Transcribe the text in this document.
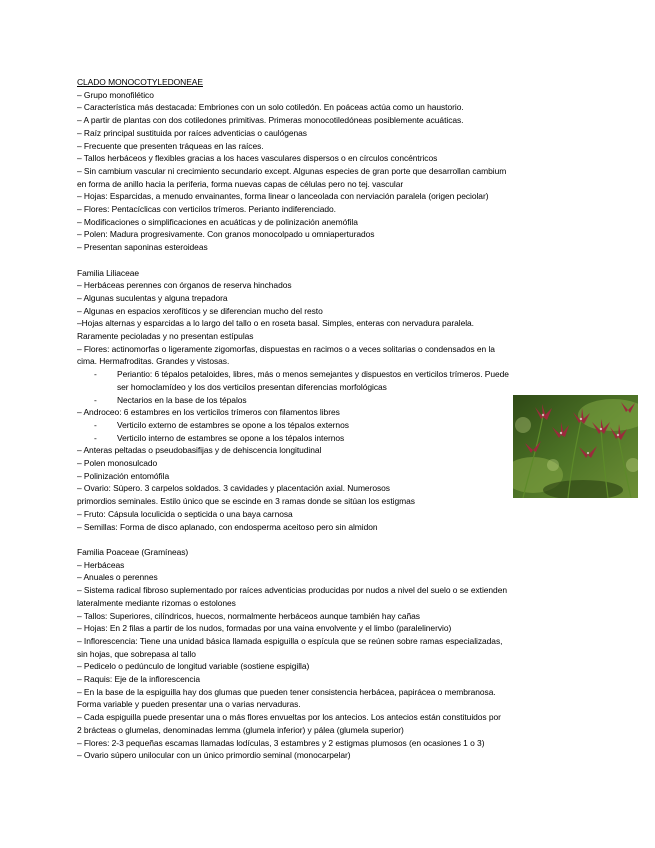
CLADO MONOCOTYLEDONEAE
– Grupo monofilético
– Característica más destacada: Embriones con un solo cotiledón. En poáceas actúa como un haustorio.
– A partir de plantas con dos cotiledones primitivas. Primeras monocotiledóneas posiblemente acuáticas.
– Raíz principal sustituida por raíces adventicias o caulógenas
– Frecuente que presenten tráqueas en las raíces.
– Tallos herbáceos y flexibles gracias a los haces vasculares dispersos o en círculos concéntricos
– Sin cambium vascular ni crecimiento secundario except. Algunas especies de gran porte que desarrollan cambium
en forma de anillo hacia la periferia, forma nuevas capas de células pero no tej. vascular
– Hojas: Esparcidas, a menudo envainantes, forma linear o lanceolada con nerviación paralela (origen peciolar)
– Flores: Pentacíclicas con verticilos trímeros. Perianto indiferenciado.
– Modificaciones o simplificaciones en acuáticas y de polinización anemófila
– Polen: Madura progresivamente. Con granos monocolpado u omniaperturados
– Presentan saponinas esteroideas
Familia Liliaceae
– Herbáceas perennes con órganos de reserva hinchados
– Algunas suculentas y alguna trepadora
– Algunas en espacios xerofíticos y se diferencian mucho del resto
–Hojas alternas y esparcidas a lo largo del tallo o en roseta basal. Simples, enteras con nervadura paralela.
Raramente pecioladas y no presentan estípulas
– Flores: actinomorfas o ligeramente zigomorfas, dispuestas en racimos o a veces solitarias o condensados en la
cima. Hermafroditas. Grandes y vistosas.
- Periantio: 6 tépalos petaloides, libres, más o menos semejantes y dispuestos en verticilos trímeros. Puede
ser homoclamídeo y los dos verticilos presentan diferencias morfológicas
- Nectarios en la base de los tépalos
– Androceo: 6 estambres en los verticilos trímeros con filamentos libres
- Verticilo externo de estambres se opone a los tépalos externos
- Verticilo interno de estambres se opone a los tépalos internos
– Anteras peltadas o pseudobasifijas y de dehiscencia longitudinal
– Polen monosulcado
– Polinización entomófila
– Ovario: Súpero. 3 carpelos soldados. 3 cavidades y placentación axial. Numerosos
primordios seminales. Estilo único que se escinde en 3 ramas donde se sitúan los estigmas
– Fruto: Cápsula loculicida o septicida o una baya carnosa
– Semillas: Forma de disco aplanado, con endosperma aceitoso pero sin almidon
Familia Poaceae (Gramíneas)
– Herbáceas
– Anuales o perennes
– Sistema radical fibroso suplementado por raíces adventicias producidas por nudos a nivel del suelo o se extienden
lateralmente mediante rizomas o estolones
– Tallos: Superiores, cilíndricos, huecos, normalmente herbáceos aunque también hay cañas
– Hojas: En 2 filas a partir de los nudos, formadas por una vaina envolvente y el limbo (paralelinervio)
– Inflorescencia: Tiene una unidad básica llamada espiguilla o espícula que se reúnen sobre ramas especializadas,
sin hojas, que sobrepasa al tallo
– Pedicelo o pedúnculo de longitud variable (sostiene espigilla)
– Raquis: Eje de la inflorescencia
– En la base de la espiguilla hay dos glumas que pueden tener consistencia herbácea, papirácea o membranosa.
Forma variable y pueden presentar una o varias nervaduras.
– Cada espiguilla puede presentar una o más flores envueltas por los antecios. Los antecios están constituidos por
2 brácteas o glumelas, denominadas lemma (glumela inferior) y pálea (glumela superior)
– Flores: 2-3 pequeñas escamas llamadas lodículas, 3 estambres y 2 estigmas plumosos (en ocasiones 1 o 3)
– Ovario súpero unilocular con un único primordio seminal (monocarpelar)
